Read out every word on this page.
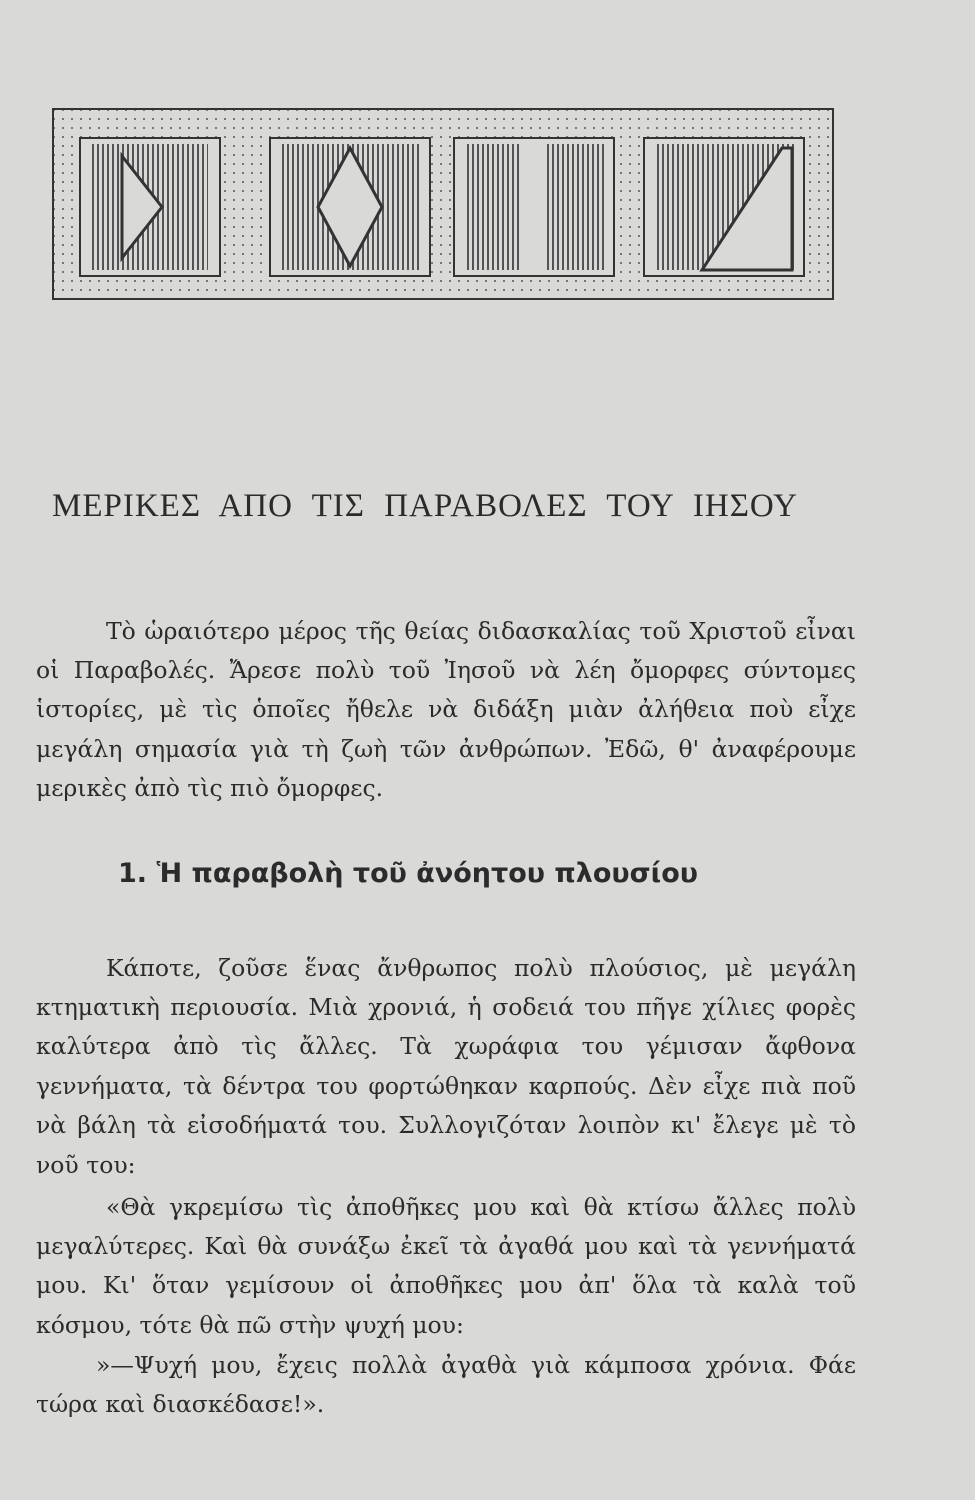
ΜΕΡΙΚΕΣ ΑΠΟ ΤΙΣ ΠΑΡΑΒΟΛΕΣ ΤΟΥ ΙΗΣΟΥ

Τὸ ὡραιότερο μέρος τῆς θείας διδασκαλίας τοῦ Χριστοῦ εἶναι οἱ Παραβολές. Ἄρεσε πολὺ τοῦ Ἰησοῦ νὰ λέη ὄμορφες σύντομες ἱστορίες, μὲ τὶς ὁποῖες ἤθελε νὰ διδάξη μιὰν ἀλήθεια ποὺ εἶχε μεγάλη σημασία γιὰ τὴ ζωὴ τῶν ἀνθρώπων. Ἐδῶ, θ' ἀναφέρουμε μερικὲς ἀπὸ τὶς πιὸ ὄμορφες.

1. Ἡ παραβολὴ τοῦ ἀνόητου πλουσίου

Κάποτε, ζοῦσε ἕνας ἄνθρωπος πολὺ πλούσιος, μὲ μεγάλη κτηματικὴ περιουσία. Μιὰ χρονιά, ἡ σοδειά του πῆγε χίλιες φορὲς καλύτερα ἀπὸ τὶς ἄλλες. Τὰ χωράφια του γέμισαν ἄφθονα γεννήματα, τὰ δέντρα του φορτώθηκαν καρπούς. Δὲν εἶχε πιὰ ποῦ νὰ βάλη τὰ εἰσοδήματά του. Συλλογιζόταν λοιπὸν κι' ἔλεγε μὲ τὸ νοῦ του:

«Θὰ γκρεμίσω τὶς ἀποθῆκες μου καὶ θὰ κτίσω ἄλλες πολὺ μεγαλύτερες. Καὶ θὰ συνάξω ἐκεῖ τὰ ἀγαθά μου καὶ τὰ γεννήματά μου. Κι' ὅταν γεμίσουν οἱ ἀποθῆκες μου ἀπ' ὅλα τὰ καλὰ τοῦ κόσμου, τότε θὰ πῶ στὴν ψυχή μου:

»—Ψυχή μου, ἔχεις πολλὰ ἀγαθὰ γιὰ κάμποσα χρόνια. Φάε τώρα καὶ διασκέδασε!».
